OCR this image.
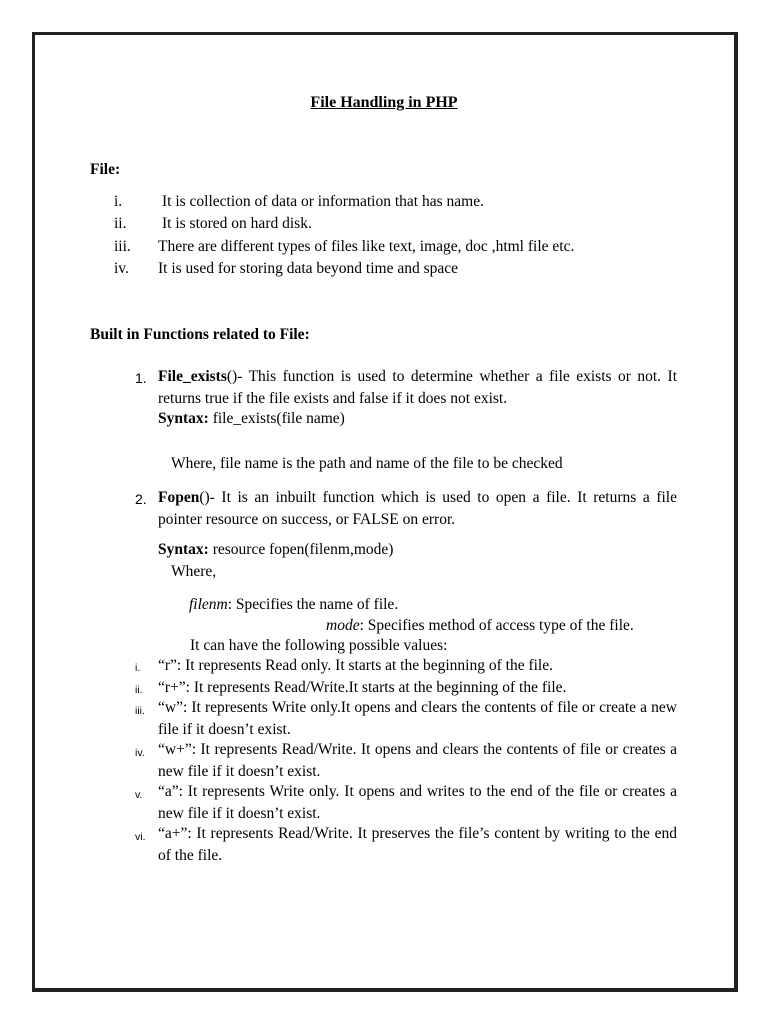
File Handling in PHP
File:
i.	It is collection of data or information that has name.
ii. It is stored on hard disk.
iii. There are different types of files like text, image, doc ,html file etc.
iv. It is used for storing data beyond time and space
Built in Functions related to File:
1. File_exists()- This function is used to determine whether a file exists or not. It returns true if the file exists and false if it does not exist.
Syntax: file_exists(file name)
Where, file name is the path and name of the file to be checked
2. Fopen()- It is an inbuilt function which is used to open a file. It returns a file pointer resource on success, or FALSE on error.
Syntax: resource fopen(filenm,mode)
Where,
filenm: Specifies the name of file.
mode: Specifies method of access type of the file.
It can have the following possible values:
i. “r”: It represents Read only. It starts at the beginning of the file.
ii. “r+”: It represents Read/Write.It starts at the beginning of the file.
iii. “w”: It represents Write only.It opens and clears the contents of file or create a new file if it doesn’t exist.
iv. “w+”: It represents Read/Write. It opens and clears the contents of file or creates a new file if it doesn’t exist.
v. “a”: It represents Write only. It opens and writes to the end of the file or creates a new file if it doesn’t exist.
vi. “a+”: It represents Read/Write. It preserves the file’s content by writing to the end of the file.
